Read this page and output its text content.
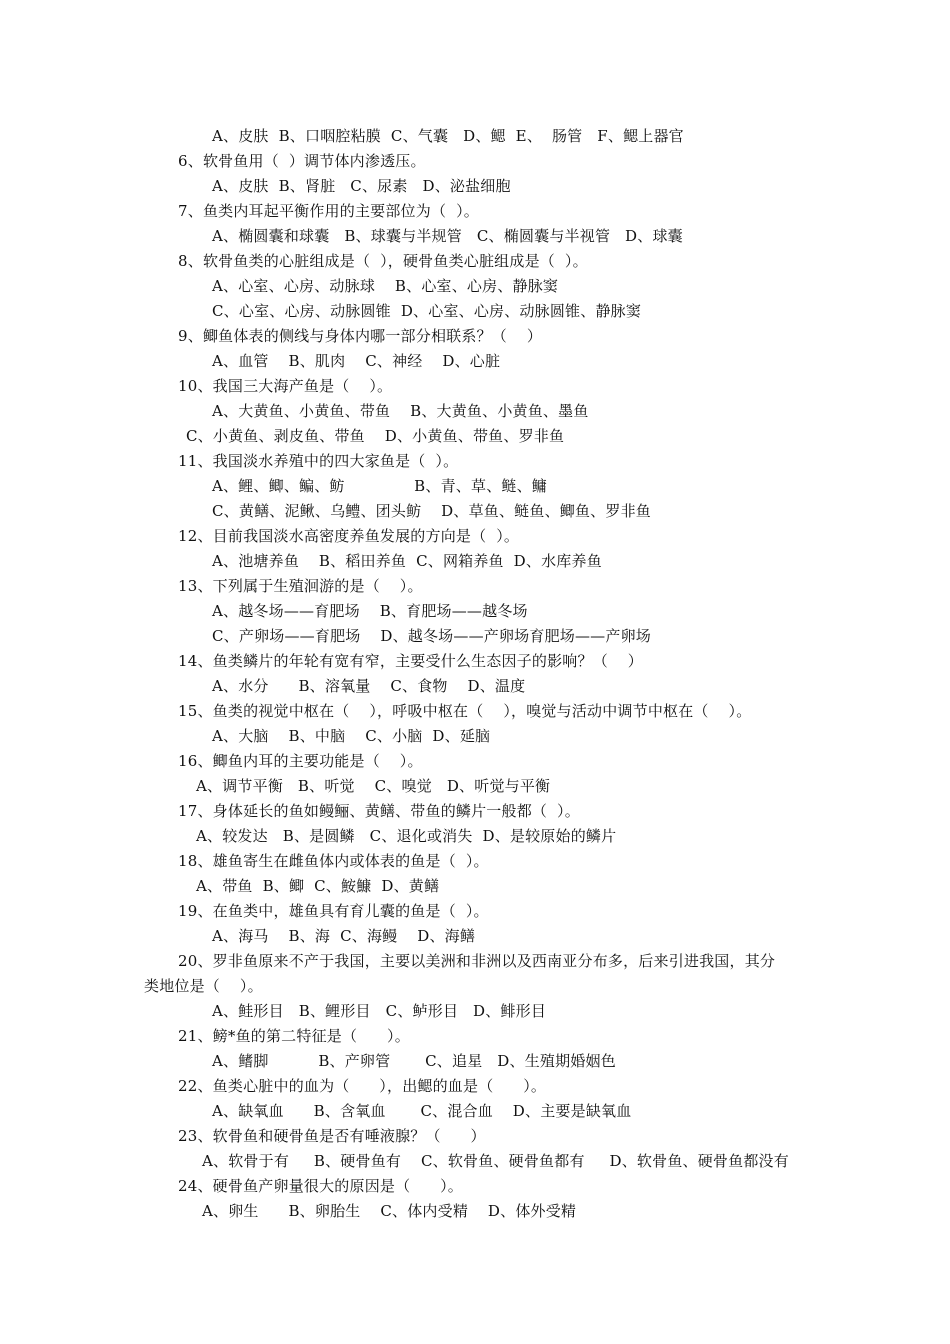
A、皮肤  B、口咽腔粘膜  C、气囊   D、鳃  E、  肠管   F、鳃上器官
6、软骨鱼用（  ）调节体内渗透压。
A、皮肤  B、肾脏   C、尿素   D、泌盐细胞
7、鱼类内耳起平衡作用的主要部位为（  ）。
A、椭圆囊和球囊   B、球囊与半规管   C、椭圆囊与半视管   D、球囊
8、软骨鱼类的心脏组成是（  ），硬骨鱼类心脏组成是（  ）。
A、心室、心房、动脉球    B、心室、心房、静脉窦
C、心室、心房、动脉圆锥  D、心室、心房、动脉圆锥、静脉窦
9、鲫鱼体表的侧线与身体内哪一部分相联系？（    ）
A、血管    B、肌肉    C、神经    D、心脏
10、我国三大海产鱼是（    ）。
A、大黄鱼、小黄鱼、带鱼    B、大黄鱼、小黄鱼、墨鱼
C、小黄鱼、剥皮鱼、带鱼    D、小黄鱼、带鱼、罗非鱼
11、我国淡水养殖中的四大家鱼是（  ）。
A、鲤、鲫、鳊、鲂              B、青、草、鲢、鳙
C、黄鳝、泥鳅、乌鳢、团头鲂    D、草鱼、鲢鱼、鲫鱼、罗非鱼
12、目前我国淡水高密度养鱼发展的方向是（  ）。
A、池塘养鱼    B、稻田养鱼  C、网箱养鱼  D、水库养鱼
13、下列属于生殖洄游的是（    ）。
A、越冬场——育肥场    B、育肥场——越冬场
C、产卵场——育肥场    D、越冬场——产卵场育肥场——产卵场
14、鱼类鳞片的年轮有宽有窄，主要受什么生态因子的影响？（    ）
A、水分      B、溶氧量    C、食物    D、温度
15、鱼类的视觉中枢在（    ），呼吸中枢在（    ），嗅觉与活动中调节中枢在（    ）。
A、大脑    B、中脑    C、小脑  D、延脑
16、鲫鱼内耳的主要功能是（    ）。
A、调节平衡   B、听觉    C、嗅觉   D、听觉与平衡
17、身体延长的鱼如鳗鲡、黄鳝、带鱼的鳞片一般都（  ）。
A、较发达   B、是圆鳞   C、退化或消失  D、是较原始的鳞片
18、雄鱼寄生在雌鱼体内或体表的鱼是（  ）。
A、带鱼  B、鲫  C、鮟鱇  D、黄鳝
19、在鱼类中，雄鱼具有育儿囊的鱼是（  ）。
A、海马    B、海  C、海鳗    D、海鳝
20、罗非鱼原来不产于我国，主要以美洲和非洲以及西南亚分布多，后来引进我国，其分
类地位是（    ）。
A、鲑形目   B、鲤形目   C、鲈形目   D、鲱形目
21、鳑*鱼的第二特征是（      ）。
A、鳍脚          B、产卵管       C、追星   D、生殖期婚姻色
22、鱼类心脏中的血为（      ），出鳃的血是（      ）。
A、缺氧血      B、含氧血       C、混合血    D、主要是缺氧血
23、软骨鱼和硬骨鱼是否有唾液腺？（      ）
A、软骨于有     B、硬骨鱼有    C、软骨鱼、硬骨鱼都有     D、软骨鱼、硬骨鱼都没有
24、硬骨鱼产卵量很大的原因是（      ）。
A、卵生      B、卵胎生    C、体内受精    D、体外受精
